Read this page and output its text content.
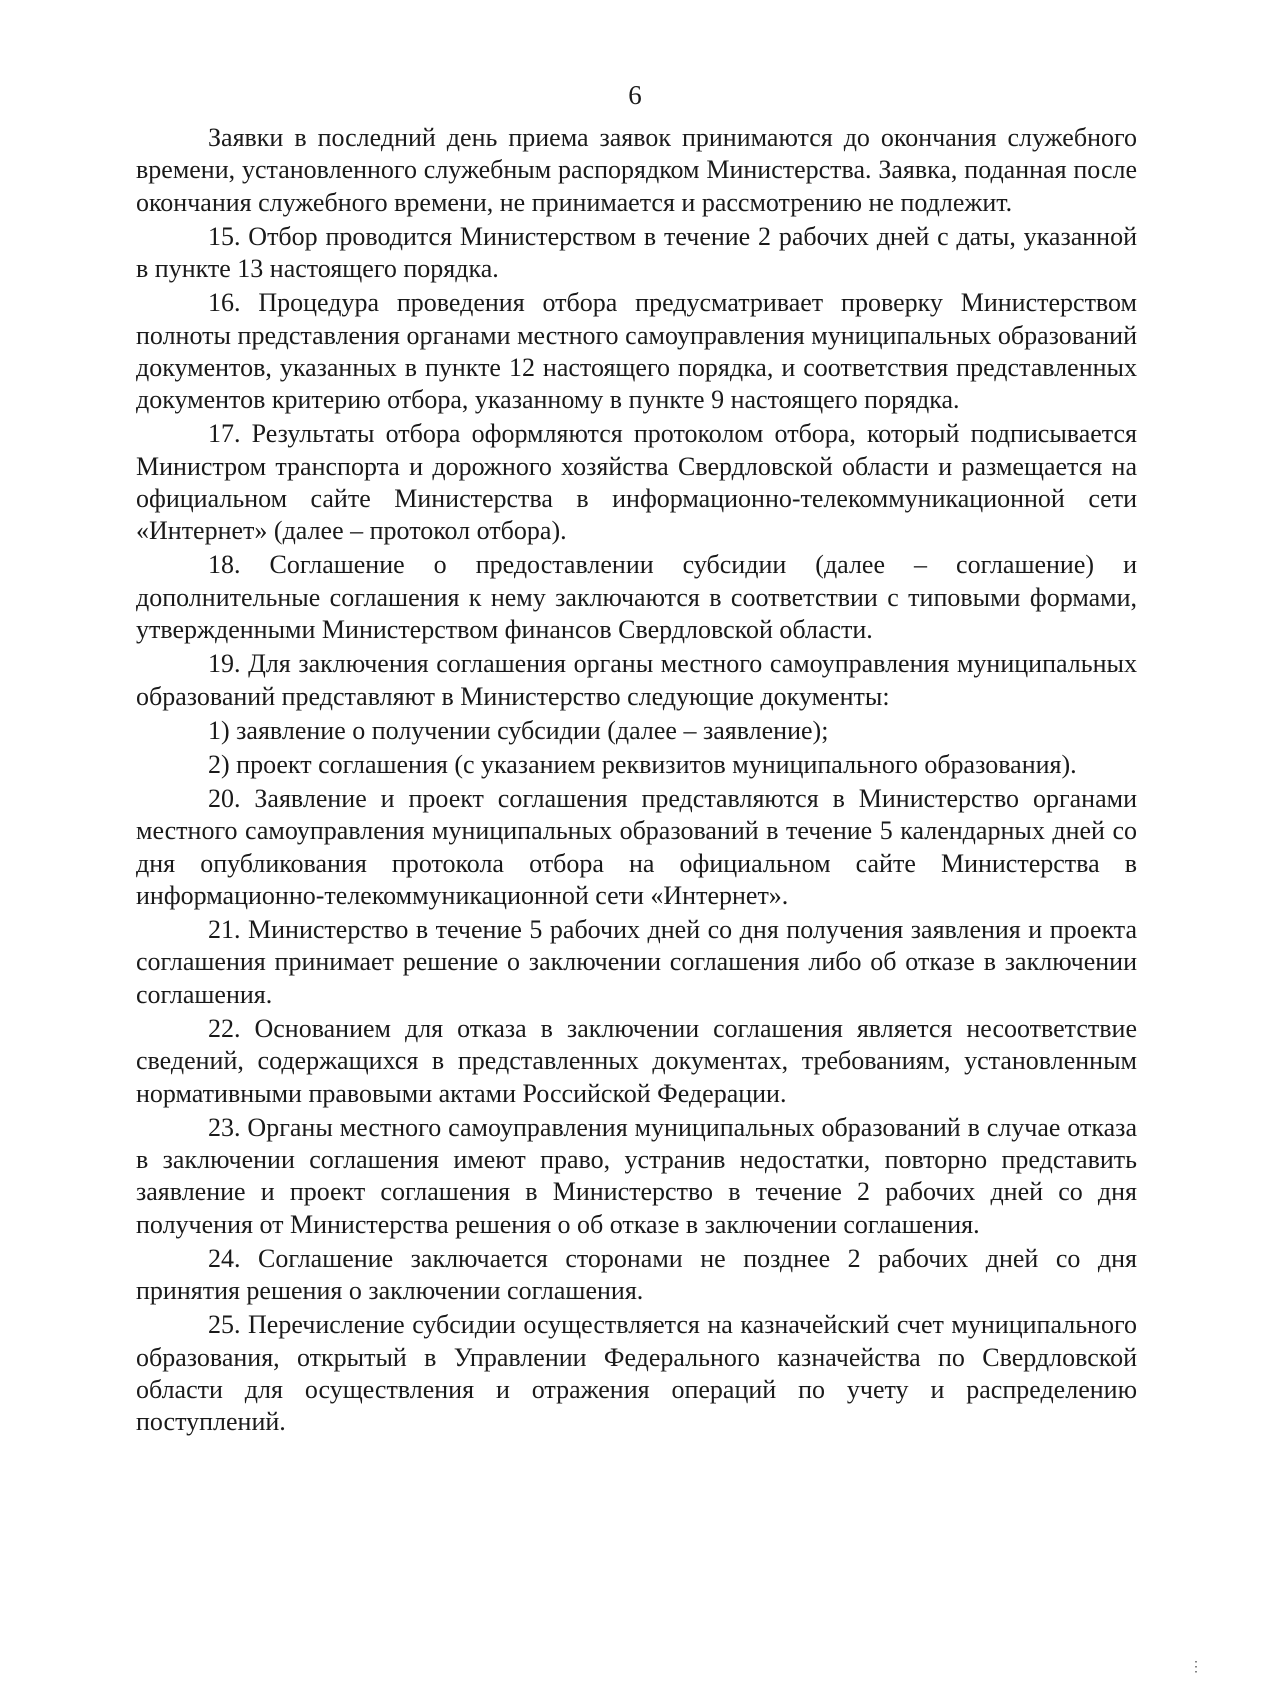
6

Заявки в последний день приема заявок принимаются до окончания служебного времени, установленного служебным распорядком Министерства. Заявка, поданная после окончания служебного времени, не принимается и рассмотрению не подлежит.

15. Отбор проводится Министерством в течение 2 рабочих дней с даты, указанной в пункте 13 настоящего порядка.

16. Процедура проведения отбора предусматривает проверку Министерством полноты представления органами местного самоуправления муниципальных образований документов, указанных в пункте 12 настоящего порядка, и соответствия представленных документов критерию отбора, указанному в пункте 9 настоящего порядка.

17. Результаты отбора оформляются протоколом отбора, который подписывается Министром транспорта и дорожного хозяйства Свердловской области и размещается на официальном сайте Министерства в информационно-телекоммуникационной сети «Интернет» (далее – протокол отбора).

18. Соглашение о предоставлении субсидии (далее – соглашение) и дополнительные соглашения к нему заключаются в соответствии с типовыми формами, утвержденными Министерством финансов Свердловской области.

19. Для заключения соглашения органы местного самоуправления муниципальных образований представляют в Министерство следующие документы:

1) заявление о получении субсидии (далее – заявление);

2) проект соглашения (с указанием реквизитов муниципального образования).

20. Заявление и проект соглашения представляются в Министерство органами местного самоуправления муниципальных образований в течение 5 календарных дней со дня опубликования протокола отбора на официальном сайте Министерства в информационно-телекоммуникационной сети «Интернет».

21. Министерство в течение 5 рабочих дней со дня получения заявления и проекта соглашения принимает решение о заключении соглашения либо об отказе в заключении соглашения.

22. Основанием для отказа в заключении соглашения является несоответствие сведений, содержащихся в представленных документах, требованиям, установленным нормативными правовыми актами Российской Федерации.

23. Органы местного самоуправления муниципальных образований в случае отказа в заключении соглашения имеют право, устранив недостатки, повторно представить заявление и проект соглашения в Министерство в течение 2 рабочих дней со дня получения от Министерства решения о об отказе в заключении соглашения.

24. Соглашение заключается сторонами не позднее 2 рабочих дней со дня принятия решения о заключении соглашения.

25. Перечисление субсидии осуществляется на казначейский счет муниципального образования, открытый в Управлении Федерального казначейства по Свердловской области для осуществления и отражения операций по учету и распределению поступлений.

⋮
